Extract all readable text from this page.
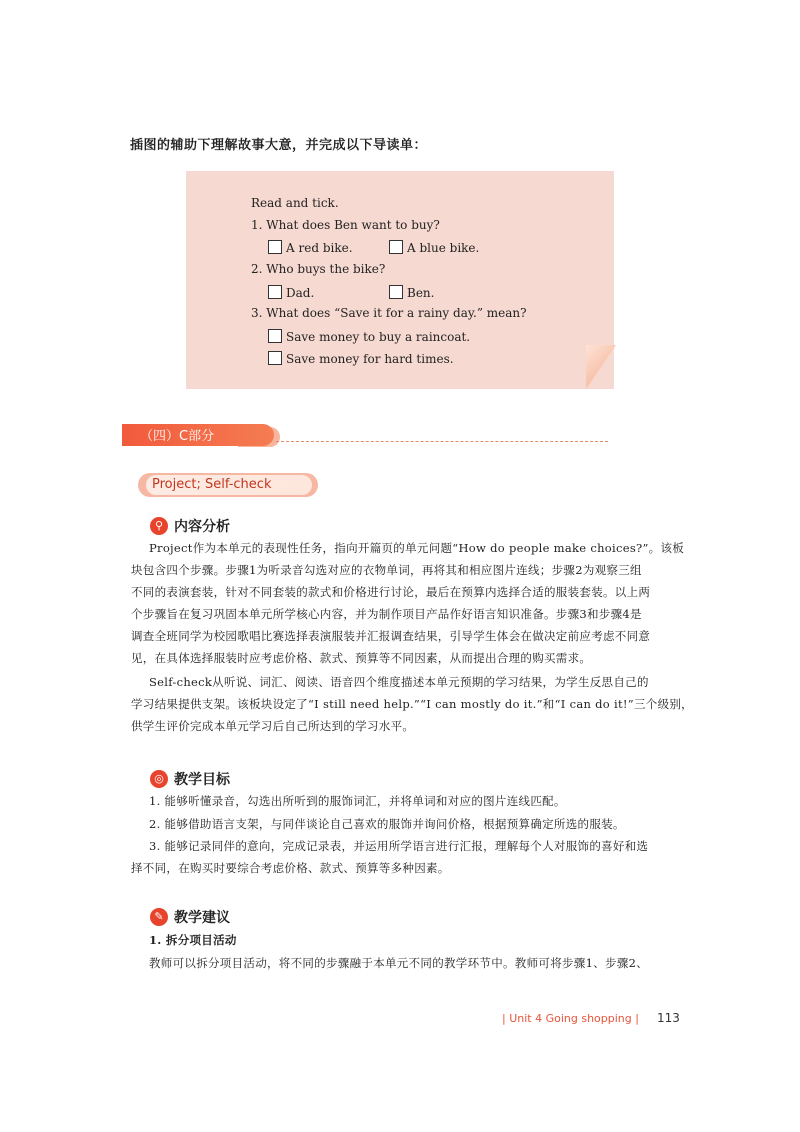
插图的辅助下理解故事大意，并完成以下导读单：
Read and tick.
1. What does Ben want to buy?
A red bike.	A blue bike.
2. Who buys the bike?
Dad.	Ben.
3. What does “Save it for a rainy day.” mean?
Save money to buy a raincoat.
Save money for hard times.
（四）C部分
Project; Self-check
⚲ 内容分析
Project作为本单元的表现性任务，指向开篇页的单元问题“How do people make choices?”。该板
块包含四个步骤。步骤1为听录音勾选对应的衣物单词，再将其和相应图片连线；步骤2为观察三组
不同的表演套装，针对不同套装的款式和价格进行讨论，最后在预算内选择合适的服装套装。以上两
个步骤旨在复习巩固本单元所学核心内容，并为制作项目产品作好语言知识准备。步骤3和步骤4是
调查全班同学为校园歌唱比赛选择表演服装并汇报调查结果，引导学生体会在做决定前应考虑不同意
见，在具体选择服装时应考虑价格、款式、预算等不同因素，从而提出合理的购买需求。
Self-check从听说、词汇、阅读、语音四个维度描述本单元预期的学习结果，为学生反思自己的
学习结果提供支架。该板块设定了“I still need help.”“I can mostly do it.”和“I can do it!”三个级别，
供学生评价完成本单元学习后自己所达到的学习水平。
◎ 教学目标
1. 能够听懂录音，勾选出所听到的服饰词汇，并将单词和对应的图片连线匹配。
2. 能够借助语言支架，与同伴谈论自己喜欢的服饰并询问价格，根据预算确定所选的服装。
3. 能够记录同伴的意向，完成记录表，并运用所学语言进行汇报，理解每个人对服饰的喜好和选
择不同，在购买时要综合考虑价格、款式、预算等多种因素。
✎ 教学建议
1. 拆分项目活动
教师可以拆分项目活动，将不同的步骤融于本单元不同的教学环节中。教师可将步骤1、步骤2、
| Unit 4 Going shopping | 113
